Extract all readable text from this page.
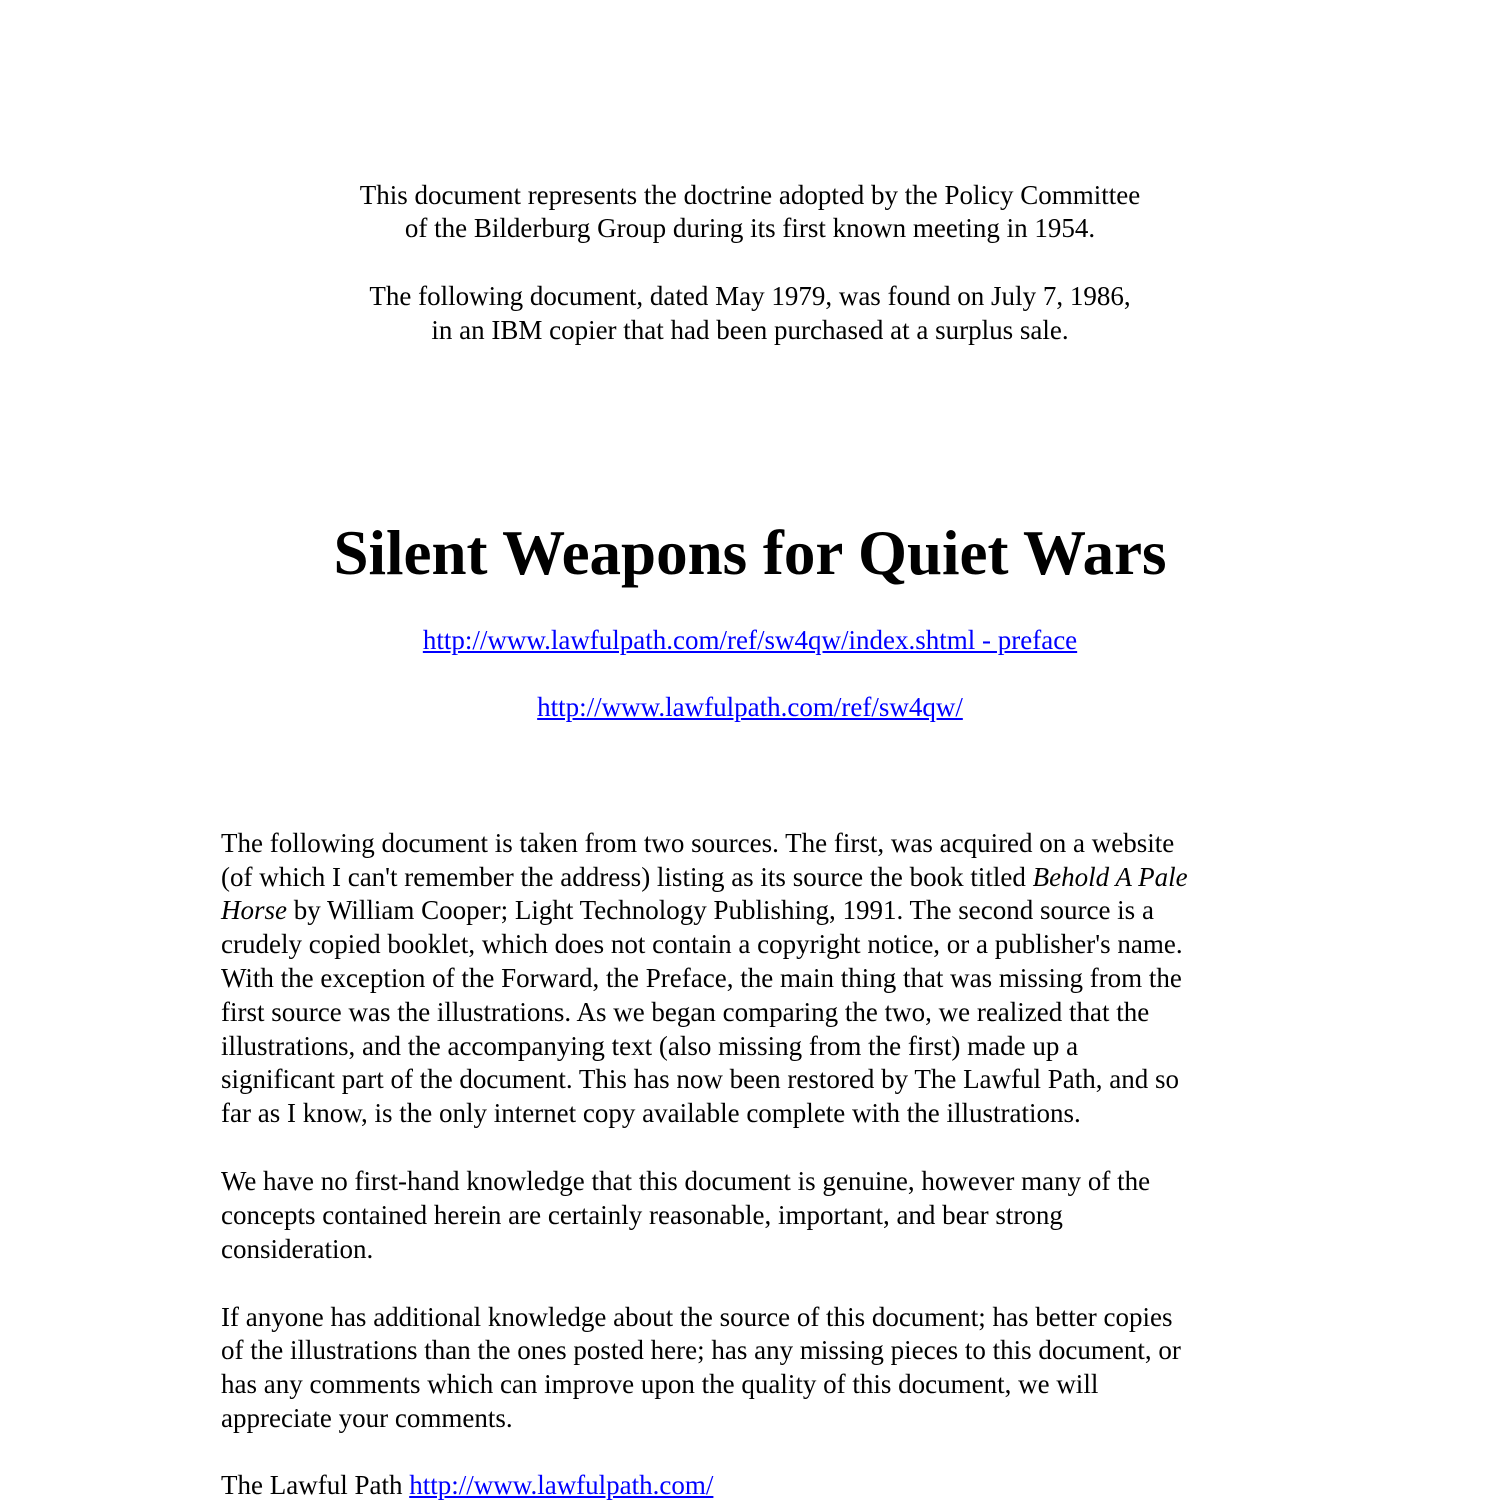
This document represents the doctrine adopted by the Policy Committee
of the Bilderburg Group during its first known meeting in 1954.
The following document, dated May 1979, was found on July 7, 1986,
in an IBM copier that had been purchased at a surplus sale.
Silent Weapons for Quiet Wars
http://www.lawfulpath.com/ref/sw4qw/index.shtml - preface
http://www.lawfulpath.com/ref/sw4qw/
The following document is taken from two sources. The first, was acquired on a website
(of which I can't remember the address) listing as its source the book titled Behold A Pale
Horse by William Cooper; Light Technology Publishing, 1991. The second source is a
crudely copied booklet, which does not contain a copyright notice, or a publisher's name.
With the exception of the Forward, the Preface, the main thing that was missing from the
first source was the illustrations. As we began comparing the two, we realized that the
illustrations, and the accompanying text (also missing from the first) made up a
significant part of the document. This has now been restored by The Lawful Path, and so
far as I know, is the only internet copy available complete with the illustrations.
We have no first-hand knowledge that this document is genuine, however many of the
concepts contained herein are certainly reasonable, important, and bear strong
consideration.
If anyone has additional knowledge about the source of this document; has better copies
of the illustrations than the ones posted here; has any missing pieces to this document, or
has any comments which can improve upon the quality of this document, we will
appreciate your comments.
The Lawful Path http://www.lawfulpath.com/
